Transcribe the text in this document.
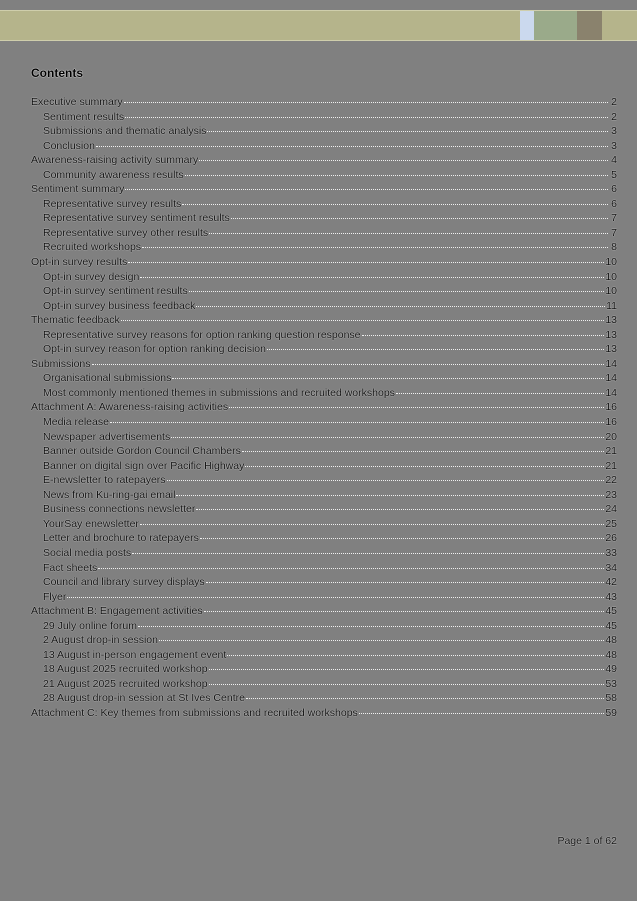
Contents
Executive summary	2
Sentiment results	2
Submissions and thematic analysis	3
Conclusion	3
Awareness-raising activity summary	4
Community awareness results	5
Sentiment summary	6
Representative survey results	6
Representative survey sentiment results	7
Representative survey other results	7
Recruited workshops	8
Opt-in survey results	10
Opt-in survey design	10
Opt-in survey sentiment results	10
Opt-in survey business feedback	11
Thematic feedback	13
Representative survey reasons for option ranking question response	13
Opt-in survey reason for option ranking decision	13
Submissions	14
Organisational submissions	14
Most commonly mentioned themes in submissions and recruited workshops	14
Attachment A: Awareness-raising activities	16
Media release	16
Newspaper advertisements	20
Banner outside Gordon Council Chambers	21
Banner on digital sign over Pacific Highway	21
E-newsletter to ratepayers	22
News from Ku-ring-gai email	23
Business connections newsletter	24
YourSay enewsletter	25
Letter and brochure to ratepayers	26
Social media posts	33
Fact sheets	34
Council and library survey displays	42
Flyer	43
Attachment B: Engagement activities	45
29 July online forum	45
2 August drop-in session	48
13 August in-person engagement event	48
18 August 2025 recruited workshop	49
21 August 2025 recruited workshop	53
28 August drop-in session at St Ives Centre	58
Attachment C: Key themes from submissions and recruited workshops	59
Page 1 of 62
